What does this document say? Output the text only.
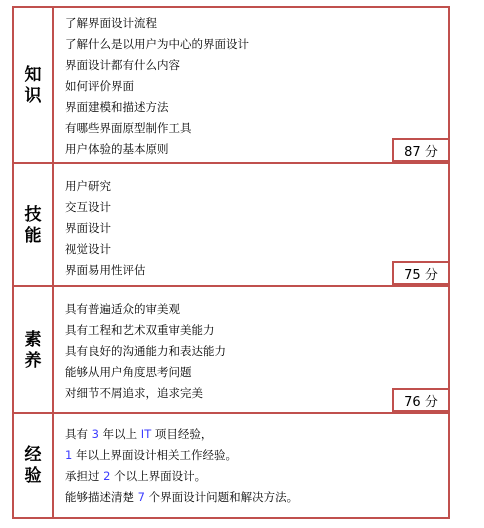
知
识
了解界面设计流程
了解什么是以用户为中心的界面设计
界面设计都有什么内容
如何评价界面
界面建模和描述方法
有哪些界面原型制作工具
用户体验的基本原则	87 分
技
能
用户研究
交互设计
界面设计
视觉设计
界面易用性评估	75 分
素
养
具有普遍适众的审美观
具有工程和艺术双重审美能力
具有良好的沟通能力和表达能力
能够从用户角度思考问题
对细节不屑追求，追求完美
76 分
经
验
具有 3 年以上 IT 项目经验，
1 年以上界面设计相关工作经验。
承担过 2 个以上界面设计。
能够描述清楚 7 个界面设计问题和解决方法。
